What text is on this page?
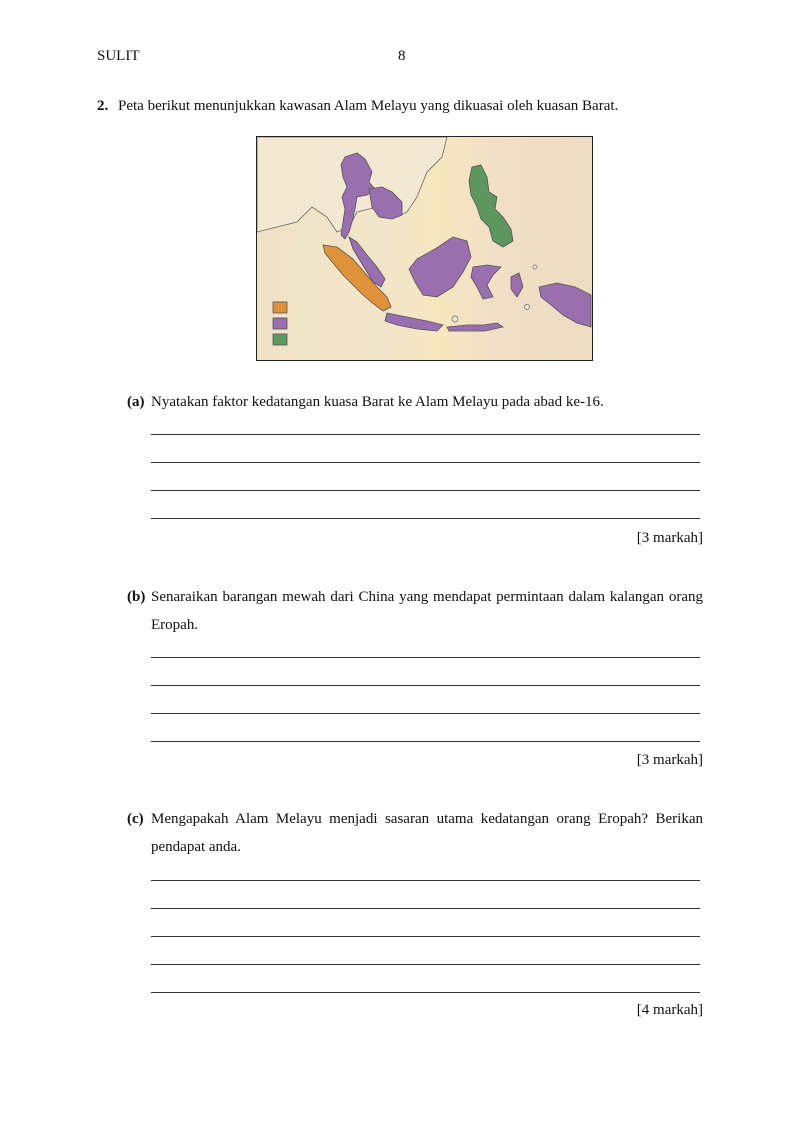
SULIT	8
2. Peta berikut menunjukkan kawasan Alam Melayu yang dikuasai oleh kuasan Barat.
(a) Nyatakan faktor kedatangan kuasa Barat ke Alam Melayu pada abad ke-16.
[3 markah]
(b) Senaraikan barangan mewah dari China yang mendapat permintaan dalam kalangan orang Eropah.
[3 markah]
(c) Mengapakah Alam Melayu menjadi sasaran utama kedatangan orang Eropah? Berikan pendapat anda.
[4 markah]
